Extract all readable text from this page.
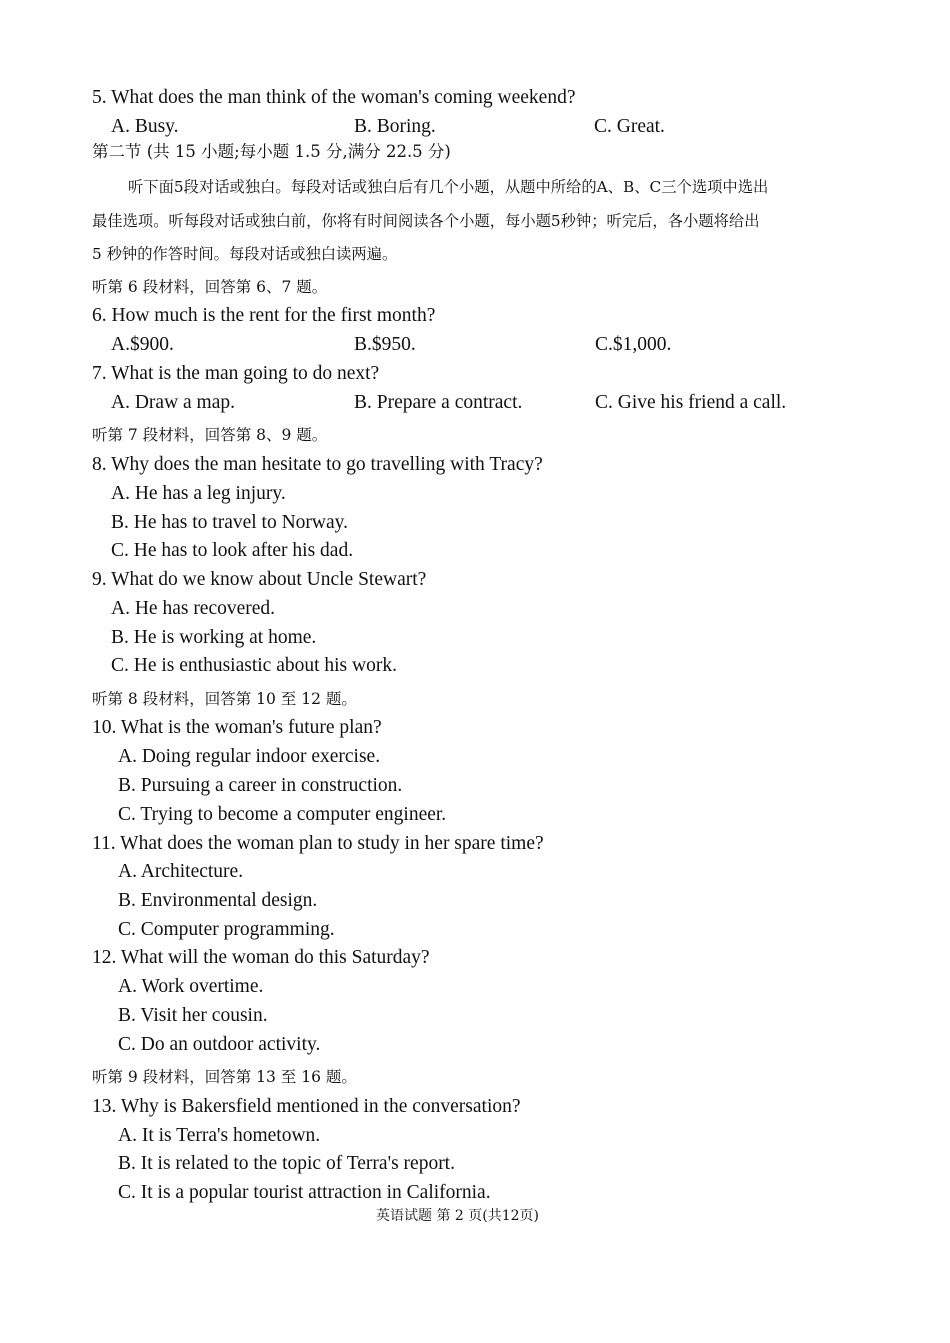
5. What does the man think of the woman's coming weekend?
A. Busy.	B. Boring.	C. Great.
第二节 (共 15 小题;每小题 1.5 分,满分 22.5 分)
听下面5段对话或独白。每段对话或独白后有几个小题，从题中所给的A、B、C三个选项中选出
最佳选项。听每段对话或独白前，你将有时间阅读各个小题，每小题5秒钟；听完后，各小题将给出
5 秒钟的作答时间。每段对话或独白读两遍。
听第 6 段材料，回答第 6、7 题。
6. How much is the rent for the first month?
A.$900.	B.$950.	C.$1,000.
7. What is the man going to do next?
A. Draw a map.	B. Prepare a contract.	C. Give his friend a call.
听第 7 段材料，回答第 8、9 题。
8. Why does the man hesitate to go travelling with Tracy?
A. He has a leg injury.
B. He has to travel to Norway.
C. He has to look after his dad.
9. What do we know about Uncle Stewart?
A. He has recovered.
B. He is working at home.
C. He is enthusiastic about his work.
听第 8 段材料，回答第 10 至 12 题。
10. What is the woman's future plan?
A. Doing regular indoor exercise.
B. Pursuing a career in construction.
C. Trying to become a computer engineer.
11. What does the woman plan to study in her spare time?
A. Architecture.
B. Environmental design.
C. Computer programming.
12. What will the woman do this Saturday?
A. Work overtime.
B. Visit her cousin.
C. Do an outdoor activity.
听第 9 段材料，回答第 13 至 16 题。
13. Why is Bakersfield mentioned in the conversation?
A. It is Terra's hometown.
B. It is related to the topic of Terra's report.
C. It is a popular tourist attraction in California.
英语试题 第 2 页(共12页)
